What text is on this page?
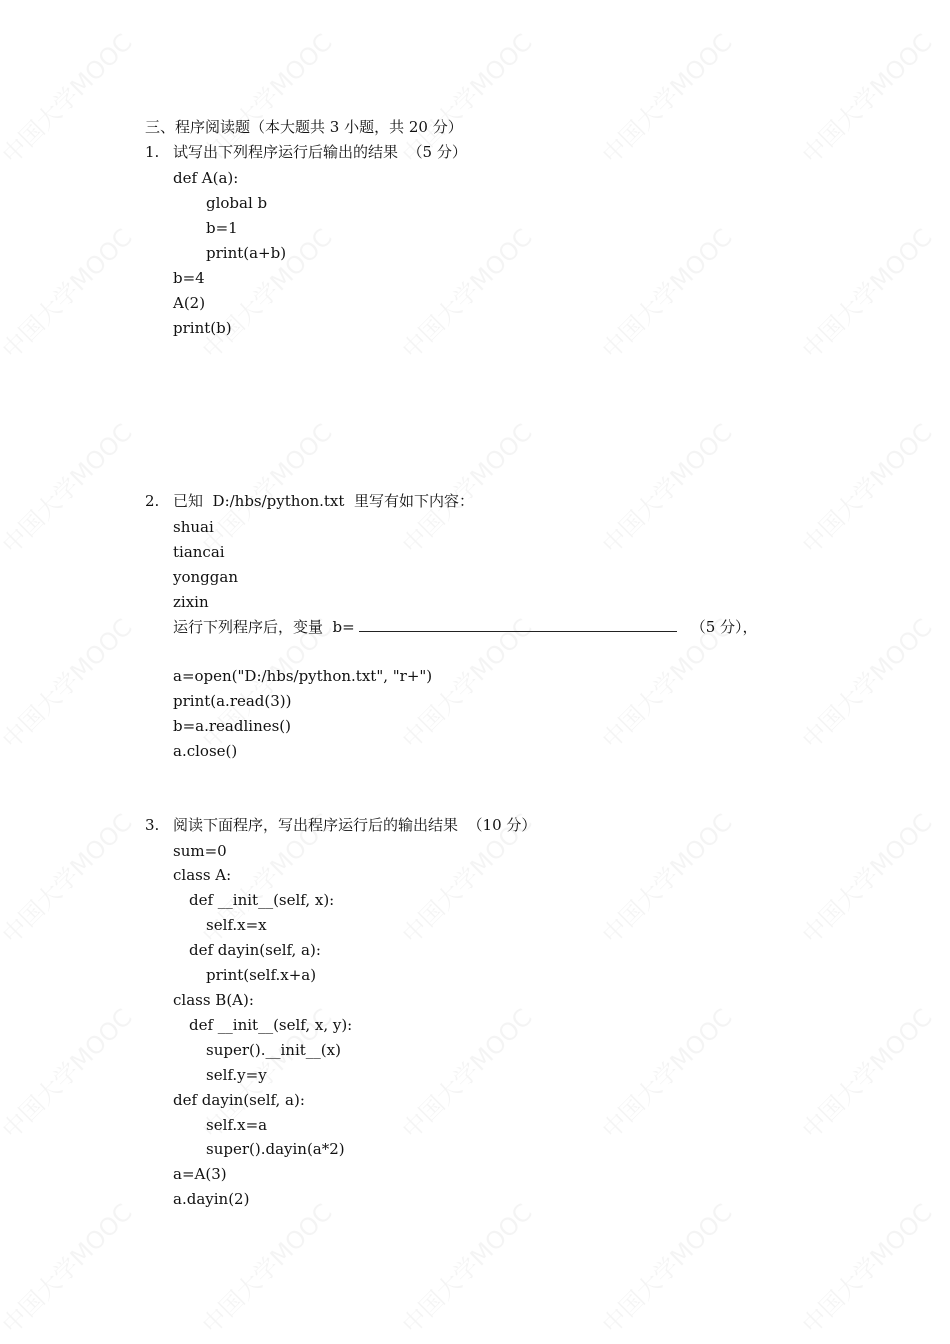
三、程序阅读题（本大题共 3 小题，共 20 分）
1. 试写出下列程序运行后输出的结果  （5 分）
def A(a):
global b
b=1
print(a+b)
b=4
A(2)
print(b)
2. 已知  D:/hbs/python.txt  里写有如下内容：
shuai
tiancai
yonggan
zixin
运行下列程序后，变量  b=	（5 分），
a=open("D:/hbs/python.txt", "r+")
print(a.read(3))
b=a.readlines()
a.close()
3. 阅读下面程序，写出程序运行后的输出结果  （10 分）
sum=0
class A:
def __init__(self, x):
self.x=x
def dayin(self, a):
print(self.x+a)
class B(A):
def __init__(self, x, y):
super().__init__(x)
self.y=y
def dayin(self, a):
self.x=a
super().dayin(a*2)
a=A(3)
a.dayin(2)
